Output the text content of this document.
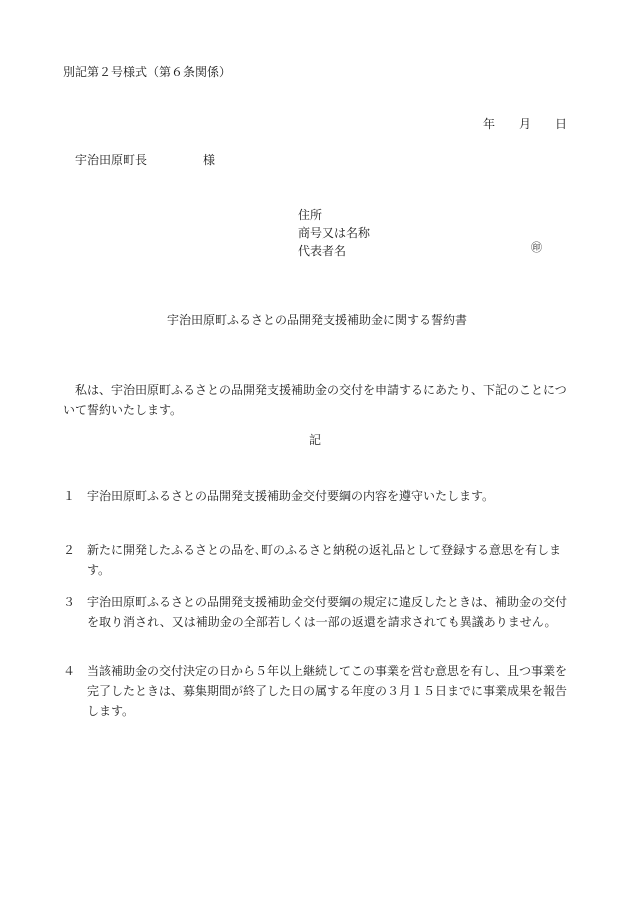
別記第２号様式（第６条関係）
年 月 日
宇治田原町長	様
住所
商号又は名称
代表者名	㊞
宇治田原町ふるさとの品開発支援補助金に関する誓約書
私は、宇治田原町ふるさとの品開発支援補助金の交付を申請するにあたり、下記のことについて誓約いたします。
記
１ 宇治田原町ふるさとの品開発支援補助金交付要綱の内容を遵守いたします。
２ 新たに開発したふるさとの品を､町のふるさと納税の返礼品として登録する意思を有します。
３ 宇治田原町ふるさとの品開発支援補助金交付要綱の規定に違反したときは、補助金の交付を取り消され、又は補助金の全部若しくは一部の返還を請求されても異議ありません。
４ 当該補助金の交付決定の日から５年以上継続してこの事業を営む意思を有し、且つ事業を完了したときは、募集期間が終了した日の属する年度の３月１５日までに事業成果を報告します。
